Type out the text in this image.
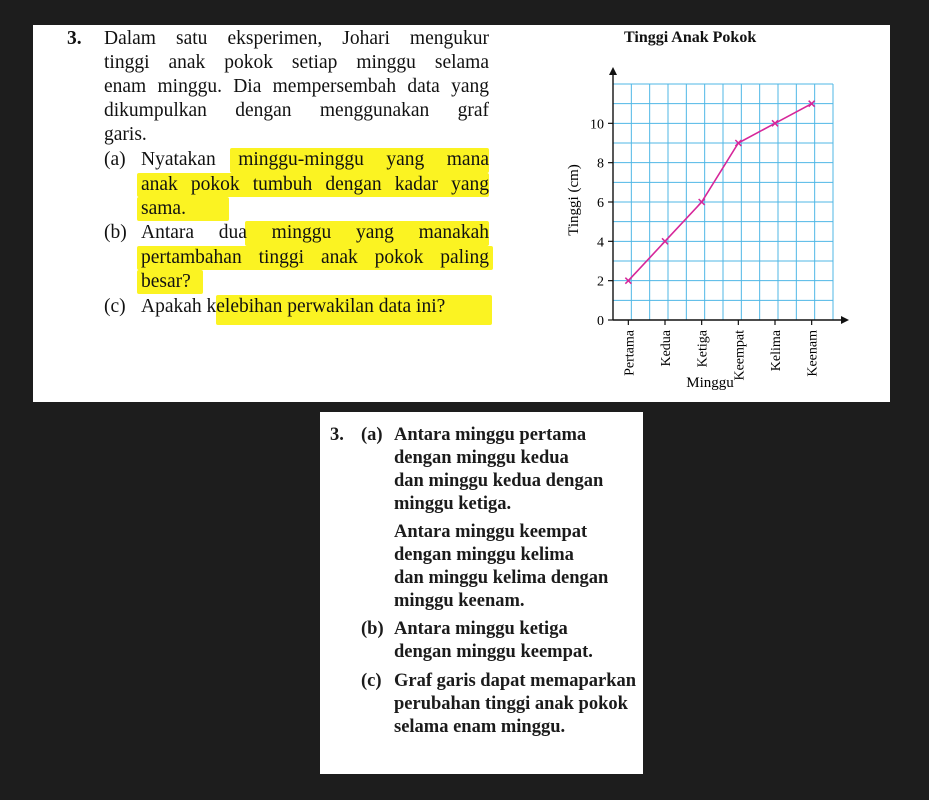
3. Dalam satu eksperimen, Johari mengukur
tinggi anak pokok setiap minggu selama
enam minggu. Dia mempersembah data yang
dikumpulkan dengan menggunakan graf
garis.
(a) Nyatakan minggu-minggu yang mana
anak pokok tumbuh dengan kadar yang
sama.
(b) Antara dua minggu yang manakah
pertambahan tinggi anak pokok paling
besar?
(c) Apakah kelebihan perwakilan data ini?
Tinggi Anak Pokok
0
2
4
6
8
10
Pertama Kedua Ketiga Keempat Kelima Keenam
Tinggi (cm)
Minggu
3. (a) Antara minggu pertama
dengan minggu kedua
dan minggu kedua dengan
minggu ketiga.
Antara minggu keempat
dengan minggu kelima
dan minggu kelima dengan
minggu keenam.
(b) Antara minggu ketiga
dengan minggu keempat.
(c) Graf garis dapat memaparkan
perubahan tinggi anak pokok
selama enam minggu.
